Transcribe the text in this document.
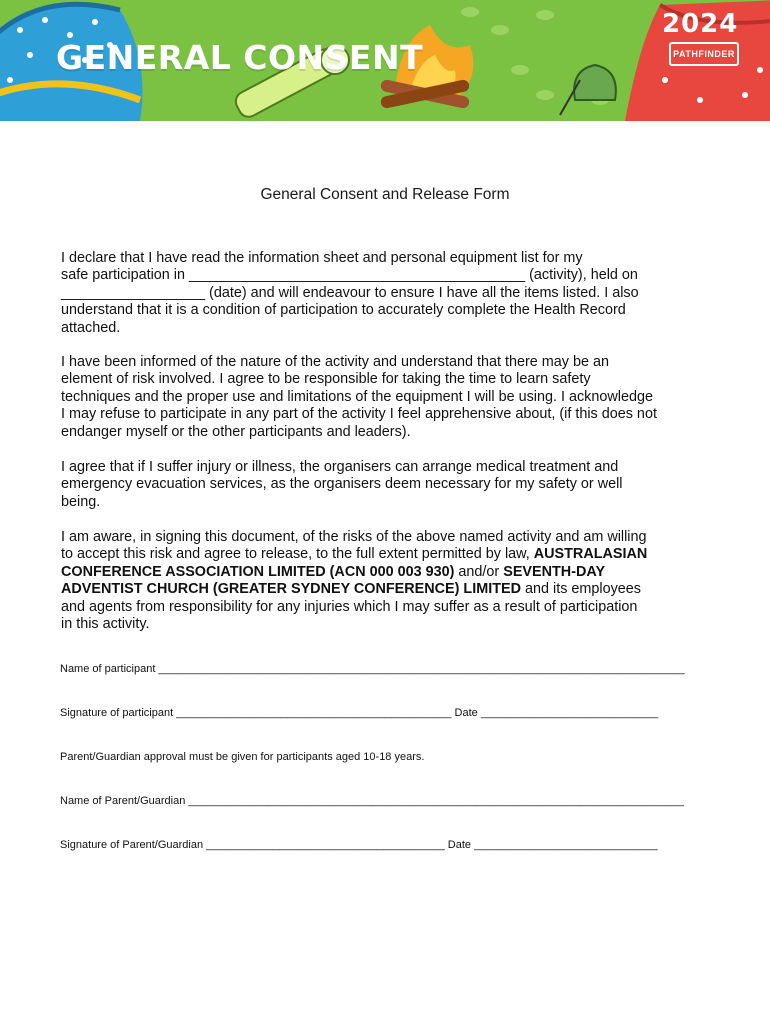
GENERAL CONSENT
2024
PATHFINDER
General Consent and Release Form
I declare that I have read the information sheet and personal equipment list for my
safe participation in __________________________________________ (activity), held on
__________________ (date) and will endeavour to ensure I have all the items listed. I also
understand that it is a condition of participation to accurately complete the Health Record
attached.
I have been informed of the nature of the activity and understand that there may be an
element of risk involved. I agree to be responsible for taking the time to learn safety
techniques and the proper use and limitations of the equipment I will be using. I acknowledge
I may refuse to participate in any part of the activity I feel apprehensive about, (if this does not
endanger myself or the other participants and leaders).
I agree that if I suffer injury or illness, the organisers can arrange medical treatment and
emergency evacuation services, as the organisers deem necessary for my safety or well
being.
I am aware, in signing this document, of the risks of the above named activity and am willing
to accept this risk and agree to release, to the full extent permitted by law, AUSTRALASIAN
CONFERENCE ASSOCIATION LIMITED (ACN 000 003 930) and/or SEVENTH-DAY
ADVENTIST CHURCH (GREATER SYDNEY CONFERENCE) LIMITED and its employees
and agents from responsibility for any injuries which I may suffer as a result of participation
in this activity.
Name of participant ______________________________________________________________________________________
Signature of participant _____________________________________________ Date _____________________________
Parent/Guardian approval must be given for participants aged 10-18 years.
Name of Parent/Guardian _________________________________________________________________________________
Signature of Parent/Guardian _______________________________________ Date ______________________________
